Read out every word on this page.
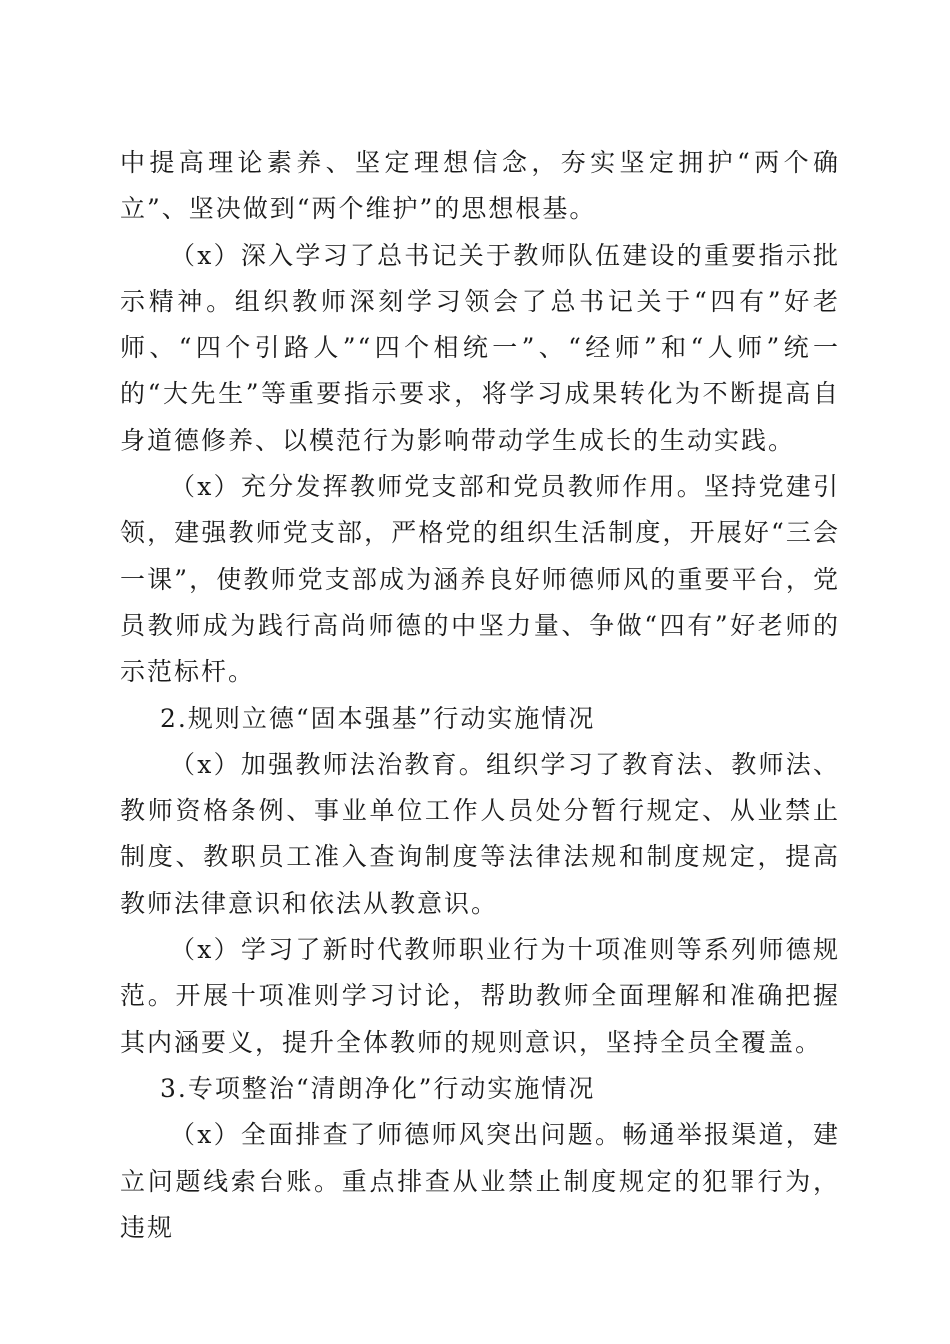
中提高理论素养、坚定理想信念，夯实坚定拥护“两个确立”、坚决做到“两个维护”的思想根基。

（x）深入学习了总书记关于教师队伍建设的重要指示批示精神。组织教师深刻学习领会了总书记关于“四有”好老师、“四个引路人”“四个相统一”、“经师”和“人师”统一的“大先生”等重要指示要求，将学习成果转化为不断提高自身道德修养、以模范行为影响带动学生成长的生动实践。

（x）充分发挥教师党支部和党员教师作用。坚持党建引领，建强教师党支部，严格党的组织生活制度，开展好“三会一课”，使教师党支部成为涵养良好师德师风的重要平台，党员教师成为践行高尚师德的中坚力量、争做“四有”好老师的示范标杆。

2.规则立德“固本强基”行动实施情况

（x）加强教师法治教育。组织学习了教育法、教师法、教师资格条例、事业单位工作人员处分暂行规定、从业禁止制度、教职员工准入查询制度等法律法规和制度规定，提高教师法律意识和依法从教意识。

（x）学习了新时代教师职业行为十项准则等系列师德规范。开展十项准则学习讨论，帮助教师全面理解和准确把握其内涵要义，提升全体教师的规则意识，坚持全员全覆盖。

3.专项整治“清朗净化”行动实施情况

（x）全面排查了师德师风突出问题。畅通举报渠道，建立问题线索台账。重点排查从业禁止制度规定的犯罪行为，违规
